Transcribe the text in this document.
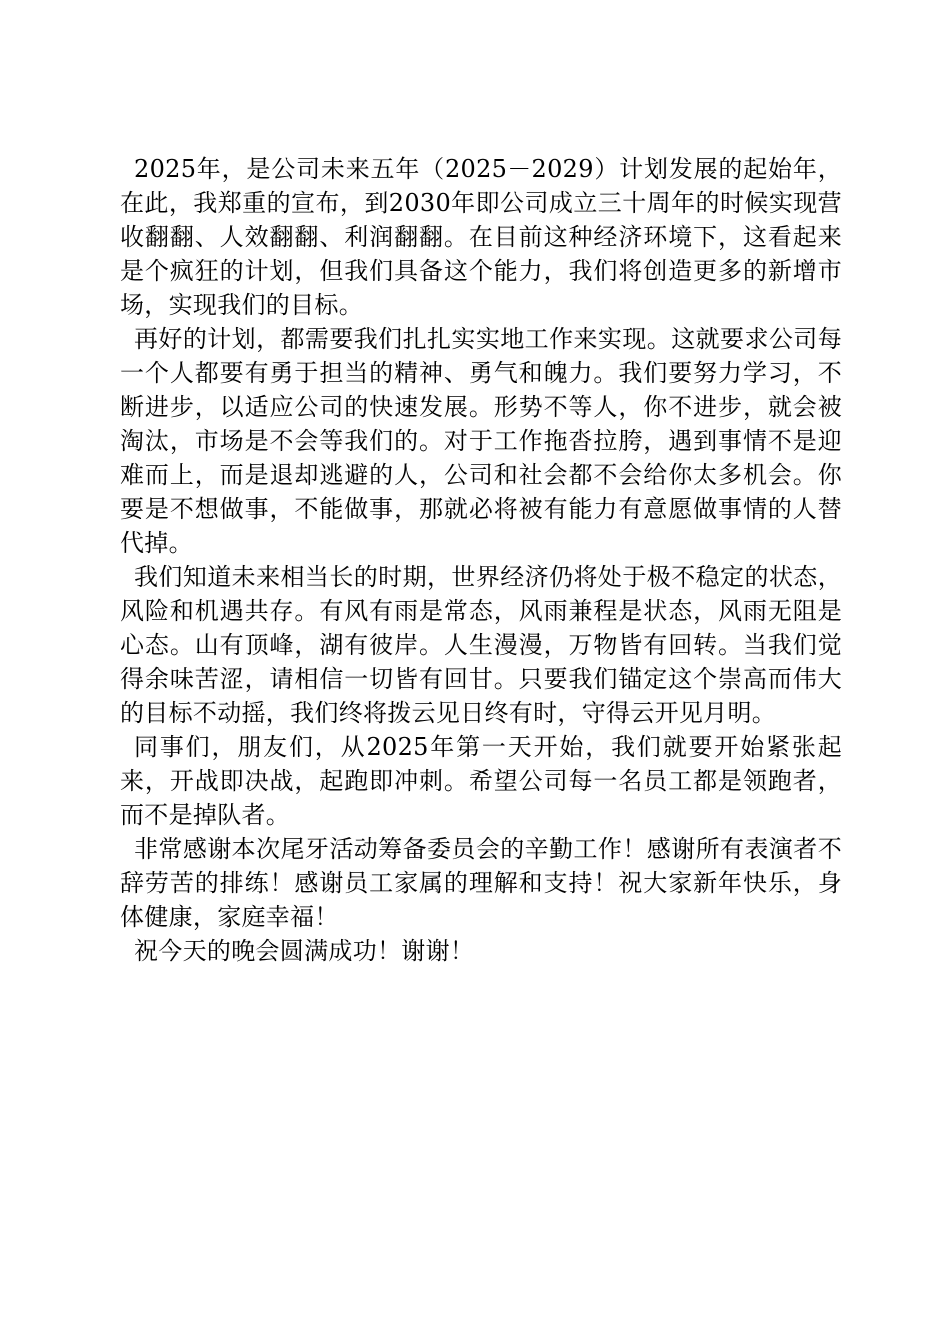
2025年，是公司未来五年（2025－2029）计划发展的起始年，在此，我郑重的宣布，到2030年即公司成立三十周年的时候实现营收翻翻、人效翻翻、利润翻翻。在目前这种经济环境下，这看起来是个疯狂的计划，但我们具备这个能力，我们将创造更多的新增市场，实现我们的目标。

再好的计划，都需要我们扎扎实实地工作来实现。这就要求公司每一个人都要有勇于担当的精神、勇气和魄力。我们要努力学习，不断进步，以适应公司的快速发展。形势不等人，你不进步，就会被淘汰，市场是不会等我们的。对于工作拖沓拉胯，遇到事情不是迎难而上，而是退却逃避的人，公司和社会都不会给你太多机会。你要是不想做事，不能做事，那就必将被有能力有意愿做事情的人替代掉。

我们知道未来相当长的时期，世界经济仍将处于极不稳定的状态，风险和机遇共存。有风有雨是常态，风雨兼程是状态，风雨无阻是心态。山有顶峰，湖有彼岸。人生漫漫，万物皆有回转。当我们觉得余味苦涩，请相信一切皆有回甘。只要我们锚定这个崇高而伟大的目标不动摇，我们终将拨云见日终有时，守得云开见月明。

同事们，朋友们，从2025年第一天开始，我们就要开始紧张起来，开战即决战，起跑即冲刺。希望公司每一名员工都是领跑者，而不是掉队者。

非常感谢本次尾牙活动筹备委员会的辛勤工作！感谢所有表演者不辞劳苦的排练！感谢员工家属的理解和支持！祝大家新年快乐，身体健康，家庭幸福！

祝今天的晚会圆满成功！谢谢！
